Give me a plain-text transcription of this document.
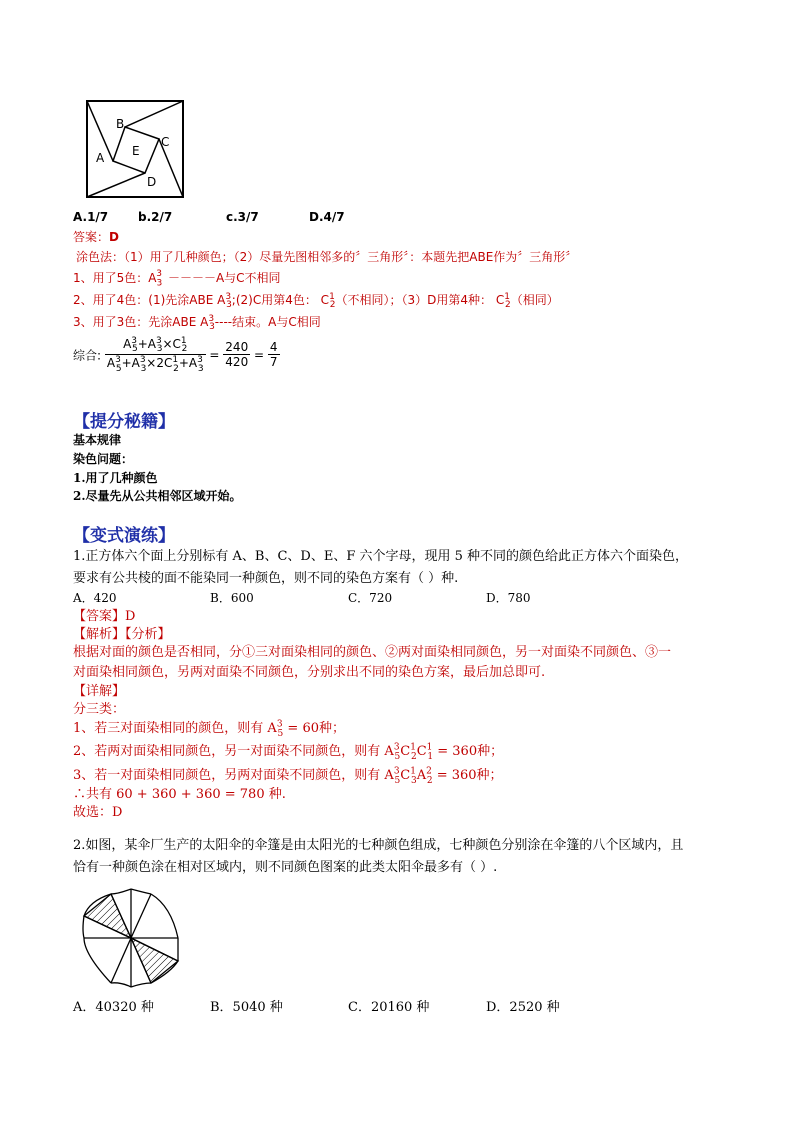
A
B
C
D
E
A.1/7 b.2/7	c.3/7	D.4/7
答案：D
涂色法：（1）用了几种颜色；（2）尽量先图相邻多的〞三角形〞：本题先把ABE作为〞三角形〞
1、用了5色：$A_3^3 ----A$与C不相同
2、用了4色：(1)先涂ABE $A^3_3;(2)C$用第4色： $C^1_2$（不相同）；（3）D用第4种： $C^1_2$（相同）
3、用了3色：先涂ABE $A^3_3----$结束。A与C相同
综合: $\frac{A^3_5+A^3_3\times C^1_2}{A^3_5+A^3_3\times 2C^1_2+A^3_3} = \frac{240}{420} = \frac{4}{7}$
【提分秘籍】
基本规律
染色问题：
1.用了几种颜色
2.尽量先从公共相邻区域开始。
【变式演练】
1.正方体六个面上分别标有 A、B、C、D、E、F 六个字母，现用 5 种不同的颜色给此正方体六个面染色，
要求有公共棱的面不能染同一种颜色，则不同的染色方案有（ ）种.
A．420	B．600	C．720	D．780
【答案】D
【解析】【分析】
根据对面的颜色是否相同，分①三对面染相同的颜色、②两对面染相同颜色，另一对面染不同颜色、③一
对面染相同颜色，另两对面染不同颜色，分别求出不同的染色方案，最后加总即可.
【详解】
分三类：
1、若三对面染相同的颜色，则有 $A^3_5 = 60$种；
2、若两对面染相同颜色，另一对面染不同颜色，则有 $A^3_5C^1_2C^1_1 = 360$种；
3、若一对面染相同颜色，另两对面染不同颜色，则有 $A^3_5C^1_3A^2_2 = 360$种；
∴共有 60 + 360 + 360 = 780 种.
故选：D
2.如图，某伞厂生产的太阳伞的伞篷是由太阳光的七种颜色组成，七种颜色分别涂在伞篷的八个区域内，且
恰有一种颜色涂在相对区域内，则不同颜色图案的此类太阳伞最多有（ ）.
A．40320 种	B．5040 种	C．20160 种	D．2520 种
